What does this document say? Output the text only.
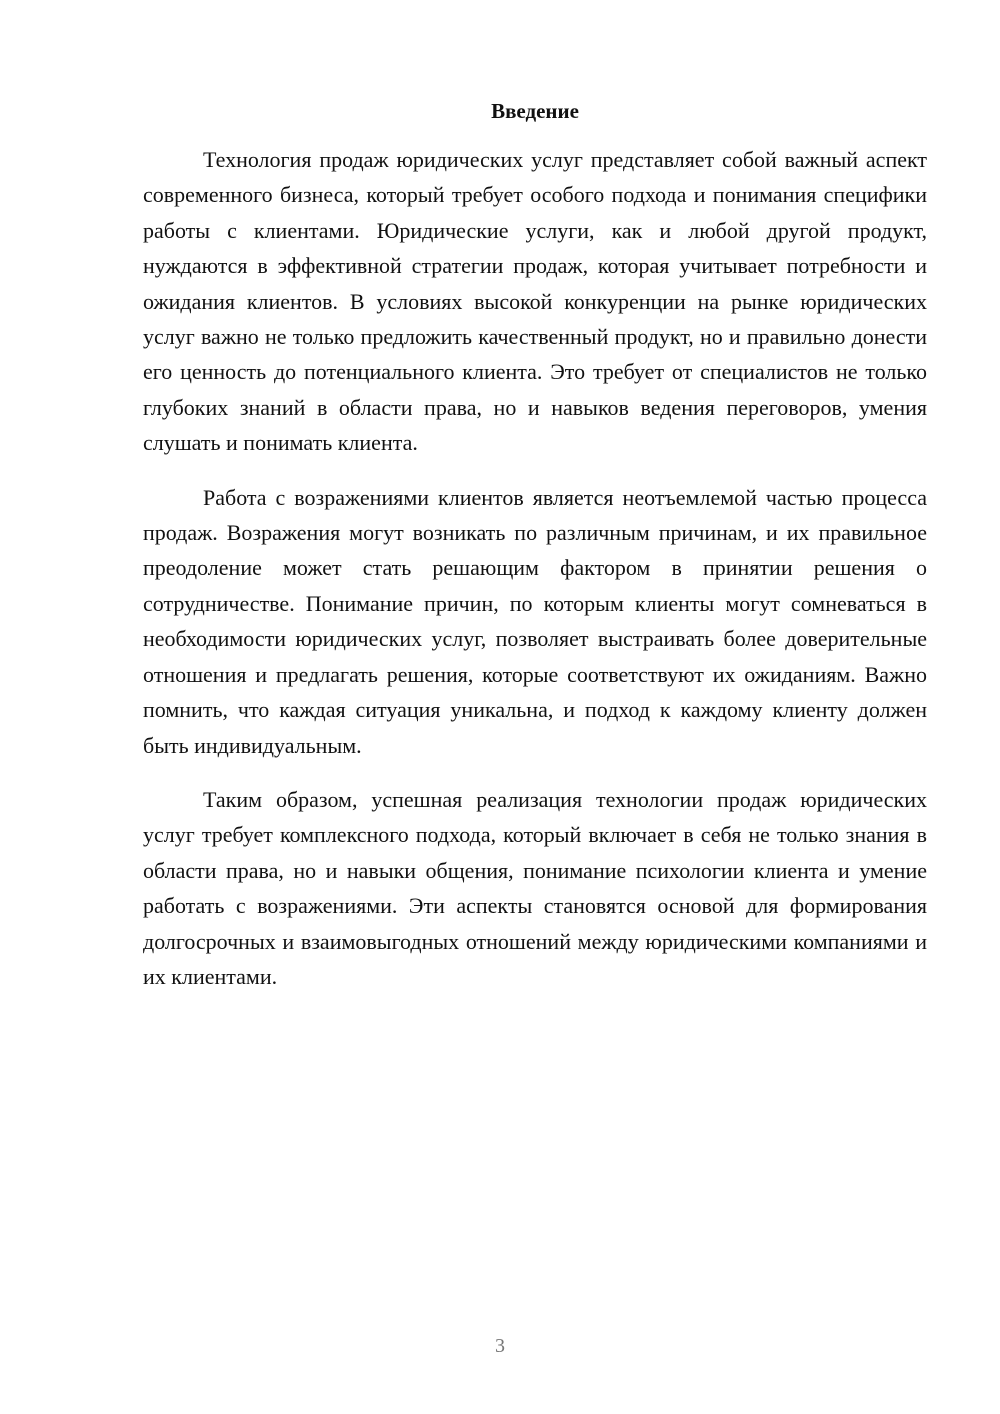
Введение

Технология продаж юридических услуг представляет собой важный аспект современного бизнеса, который требует особого подхода и понимания специфики работы с клиентами. Юридические услуги, как и любой другой продукт, нуждаются в эффективной стратегии продаж, которая учитывает потребности и ожидания клиентов. В условиях высокой конкуренции на рынке юридических услуг важно не только предложить качественный продукт, но и правильно донести его ценность до потенциального клиента. Это требует от специалистов не только глубоких знаний в области права, но и навыков ведения переговоров, умения слушать и понимать клиента.

Работа с возражениями клиентов является неотъемлемой частью процесса продаж. Возражения могут возникать по различным причинам, и их правильное преодоление может стать решающим фактором в принятии решения о сотрудничестве. Понимание причин, по которым клиенты могут сомневаться в необходимости юридических услуг, позволяет выстраивать более доверительные отношения и предлагать решения, которые соответствуют их ожиданиям. Важно помнить, что каждая ситуация уникальна, и подход к каждому клиенту должен быть индивидуальным.

Таким образом, успешная реализация технологии продаж юридических услуг требует комплексного подхода, который включает в себя не только знания в области права, но и навыки общения, понимание психологии клиента и умение работать с возражениями. Эти аспекты становятся основой для формирования долгосрочных и взаимовыгодных отношений между юридическими компаниями и их клиентами.

3
